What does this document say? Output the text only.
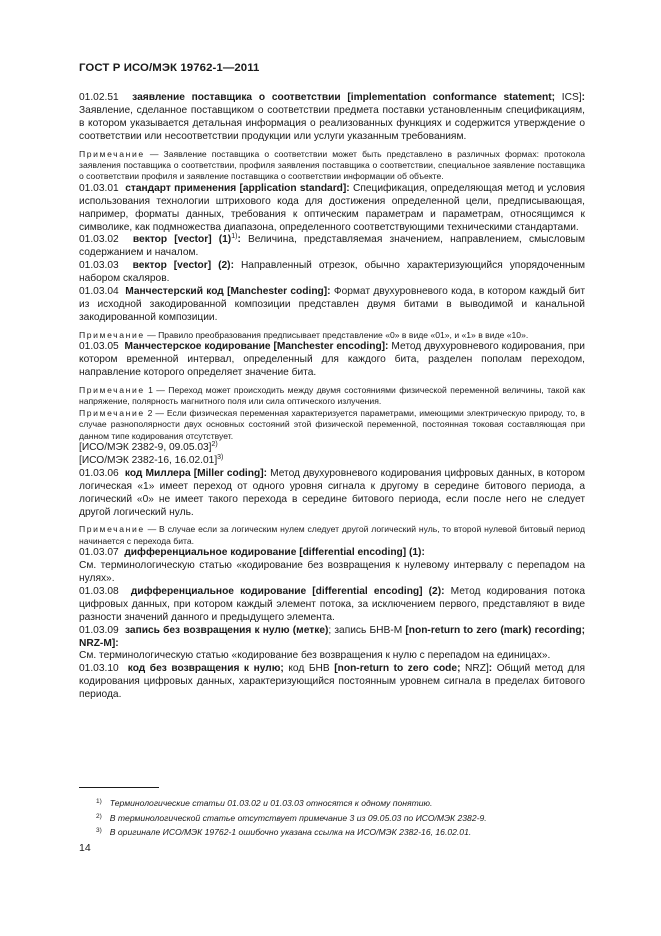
ГОСТ Р ИСО/МЭК 19762-1—2011

01.02.51 заявление поставщика о соответствии [implementation conformance statement; ICS]: Заявление, сделанное поставщиком о соответствии предмета поставки установленным спецификациям, в котором указывается детальная информация о реализованных функциях и содержится утверждение о соответствии или несоответствии продукции или услуги указанным требованиям.

Примечание — Заявление поставщика о соответствии может быть представлено в различных формах: протокола заявления поставщика о соответствии, профиля заявления поставщика о соответствии, специальное заявление поставщика о соответствии профиля и заявление поставщика о соответствии информации об объекте.

01.03.01 стандарт применения [application standard]: Спецификация, определяющая метод и условия использования технологии штрихового кода для достижения определенной цели, предписывающая, например, форматы данных, требования к оптическим параметрам и параметрам, относящимся к символике, как подмножества диапазона, определенного соответствующими техническими стандартами.

01.03.02 вектор [vector] $(1)^{1)}$: Величина, представляемая значением, направлением, смысловым содержанием и началом.

01.03.03 вектор [vector] (2): Направленный отрезок, обычно характеризующийся упорядоченным набором скаляров.

01.03.04 Манчестерский код [Manchester coding]: Формат двухуровневого кода, в котором каждый бит из исходной закодированной композиции представлен двумя битами в выводимой и канальной закодированной композиции.

Примечание — Правило преобразования предписывает представление «0» в виде «01», и «1» в виде «10».

01.03.05 Манчестерское кодирование [Manchester encoding]: Метод двухуровневого кодирования, при котором временной интервал, определенный для каждого бита, разделен пополам переходом, направление которого определяет значение бита.

Примечание 1 — Переход может происходить между двумя состояниями физической переменной величины, такой как напряжение, полярность магнитного поля или сила оптического излучения.

Примечание 2 — Если физическая переменная характеризуется параметрами, имеющими электрическую природу, то, в случае разнополярности двух основных состояний этой физической переменной, постоянная токовая составляющая при данном типе кодирования отсутствует.

[ИСО/МЭК 2382-9, 09.05.03]$^{2)}$

[ИСО/МЭК 2382-16, 16.02.01]$^{3)}$

01.03.06 код Миллера [Miller coding]: Метод двухуровневого кодирования цифровых данных, в котором логическая «1» имеет переход от одного уровня сигнала к другому в середине битового периода, а логический «0» не имеет такого перехода в середине битового периода, если после него не следует другой логический нуль.

Примечание — В случае если за логическим нулем следует другой логический нуль, то второй нулевой битовый период начинается с перехода бита.

01.03.07 дифференциальное кодирование [differential encoding] (1):

См. терминологическую статью «кодирование без возвращения к нулевому интервалу с перепадом на нулях».

01.03.08 дифференциальное кодирование [differential encoding] (2): Метод кодирования потока цифровых данных, при котором каждый элемент потока, за исключением первого, представляют в виде разности значений данного и предыдущего элемента.

01.03.09 запись без возвращения к нулю (метке); запись БНВ-М [non-return to zero (mark) recording; NRZ-M]:

См. терминологическую статью «кодирование без возвращения к нулю с перепадом на единицах».

01.03.10 код без возвращения к нулю; код БНВ [non-return to zero code; NRZ]: Общий метод для кодирования цифровых данных, характеризующийся постоянным уровнем сигнала в пределах битового периода.

$^{1)}$ Терминологические статьи 01.03.02 и 01.03.03 относятся к одному понятию.
$^{2)}$ В терминологической статье отсутствует примечание 3 из 09.05.03 по ИСО/МЭК 2382-9.
$^{3)}$ В оригинале ИСО/МЭК 19762-1 ошибочно указана ссылка на ИСО/МЭК 2382-16, 16.02.01.
14
